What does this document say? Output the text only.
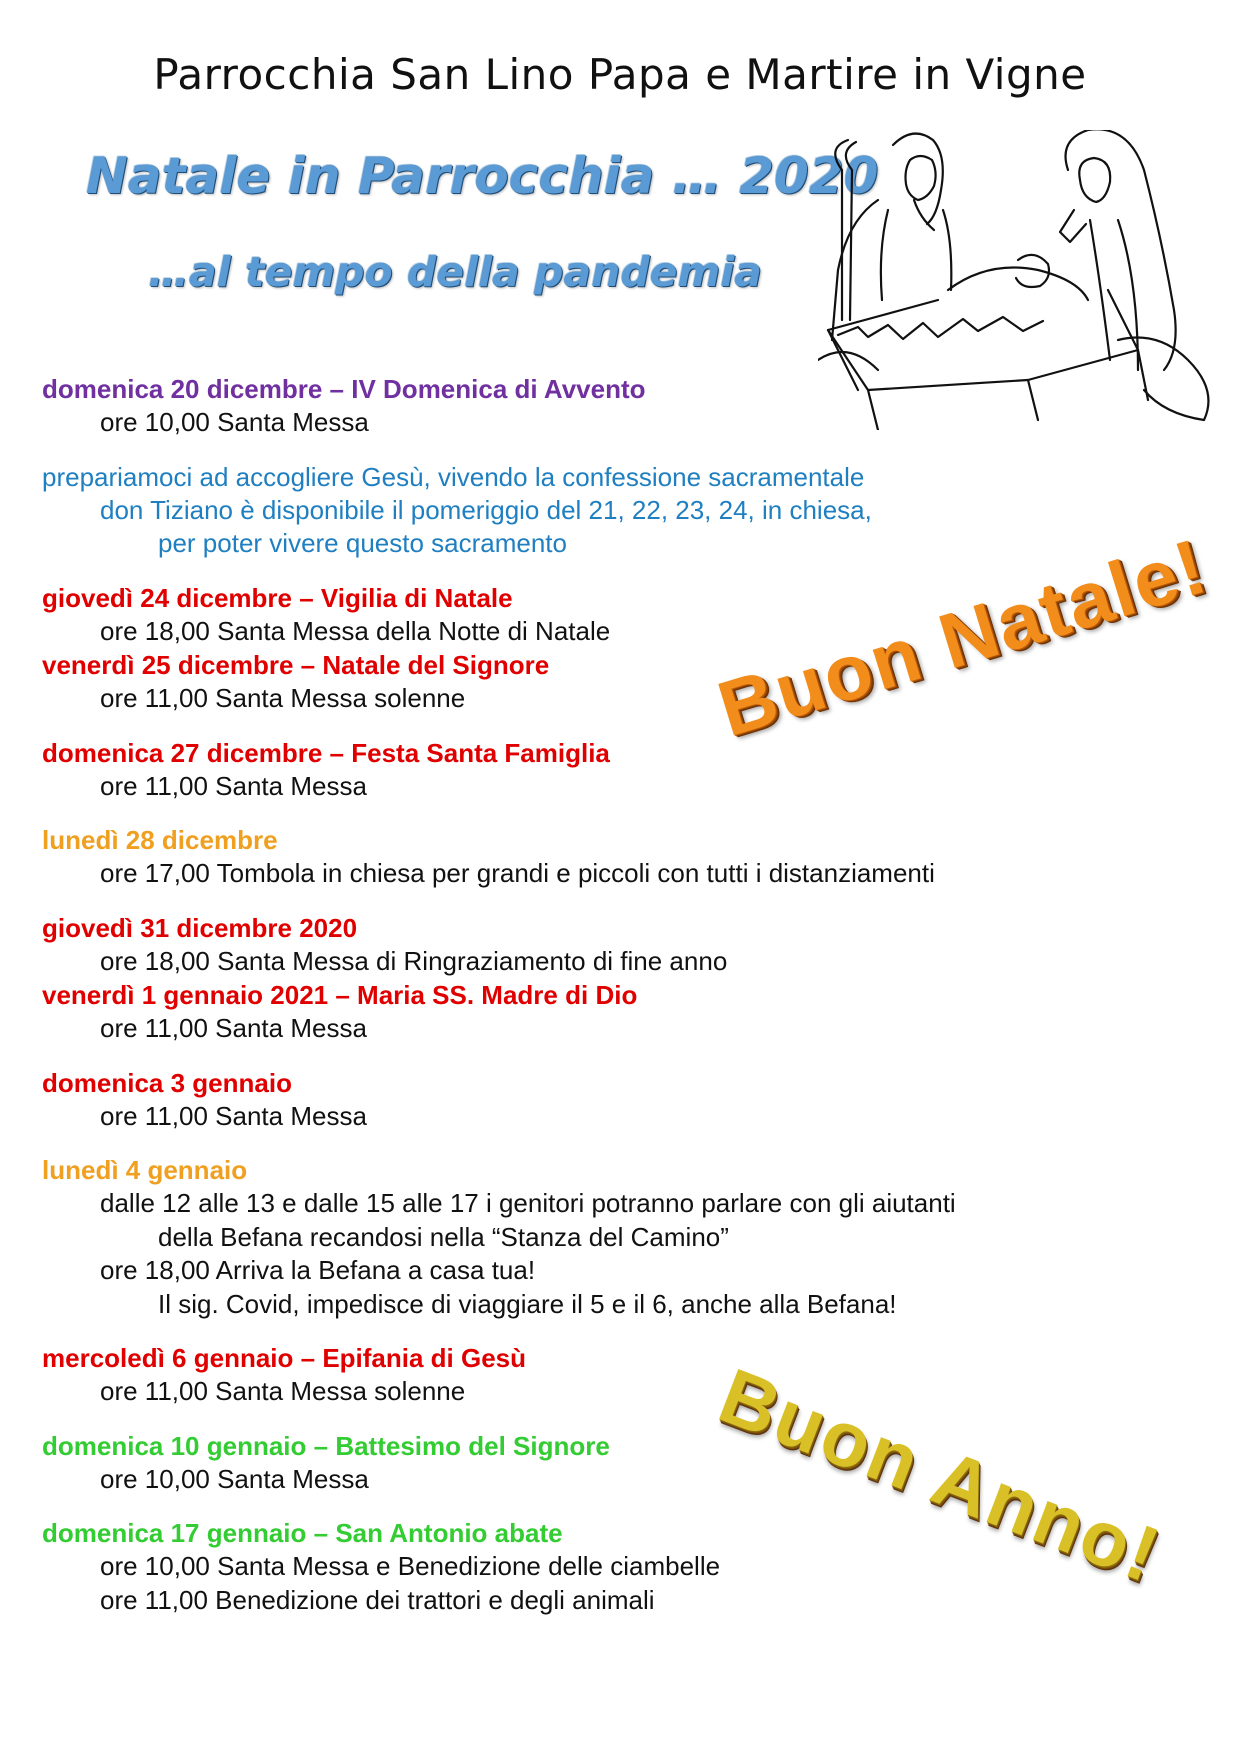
Parrocchia San Lino Papa e Martire in Vigne
Natale in Parrocchia … 2020
…al tempo della pandemia
domenica 20 dicembre – IV Domenica di Avvento
ore 10,00 Santa Messa
prepariamoci ad accogliere Gesù, vivendo la confessione sacramentale
don Tiziano è disponibile il pomeriggio del 21, 22, 23, 24, in chiesa,
per poter vivere questo sacramento
giovedì 24 dicembre – Vigilia di Natale
ore 18,00 Santa Messa della Notte di Natale
venerdì 25 dicembre – Natale del Signore
ore 11,00 Santa Messa solenne
domenica 27 dicembre – Festa Santa Famiglia
ore 11,00 Santa Messa
lunedì 28 dicembre
ore 17,00 Tombola in chiesa per grandi e piccoli con tutti i distanziamenti
giovedì 31 dicembre 2020
ore 18,00 Santa Messa di Ringraziamento di fine anno
venerdì 1 gennaio 2021 – Maria SS. Madre di Dio
ore 11,00 Santa Messa
domenica 3 gennaio
ore 11,00 Santa Messa
lunedì 4 gennaio
dalle 12 alle 13 e dalle 15 alle 17 i genitori potranno parlare con gli aiutanti
della Befana recandosi nella “Stanza del Camino”
ore 18,00 Arriva la Befana a casa tua!
Il sig. Covid, impedisce di viaggiare il 5 e il 6, anche alla Befana!
mercoledì 6 gennaio – Epifania di Gesù
ore 11,00 Santa Messa solenne
domenica 10 gennaio – Battesimo del Signore
ore 10,00 Santa Messa
domenica 17 gennaio – San Antonio abate
ore 10,00 Santa Messa e Benedizione delle ciambelle
ore 11,00 Benedizione dei trattori e degli animali
Buon Natale!
Buon Anno!
